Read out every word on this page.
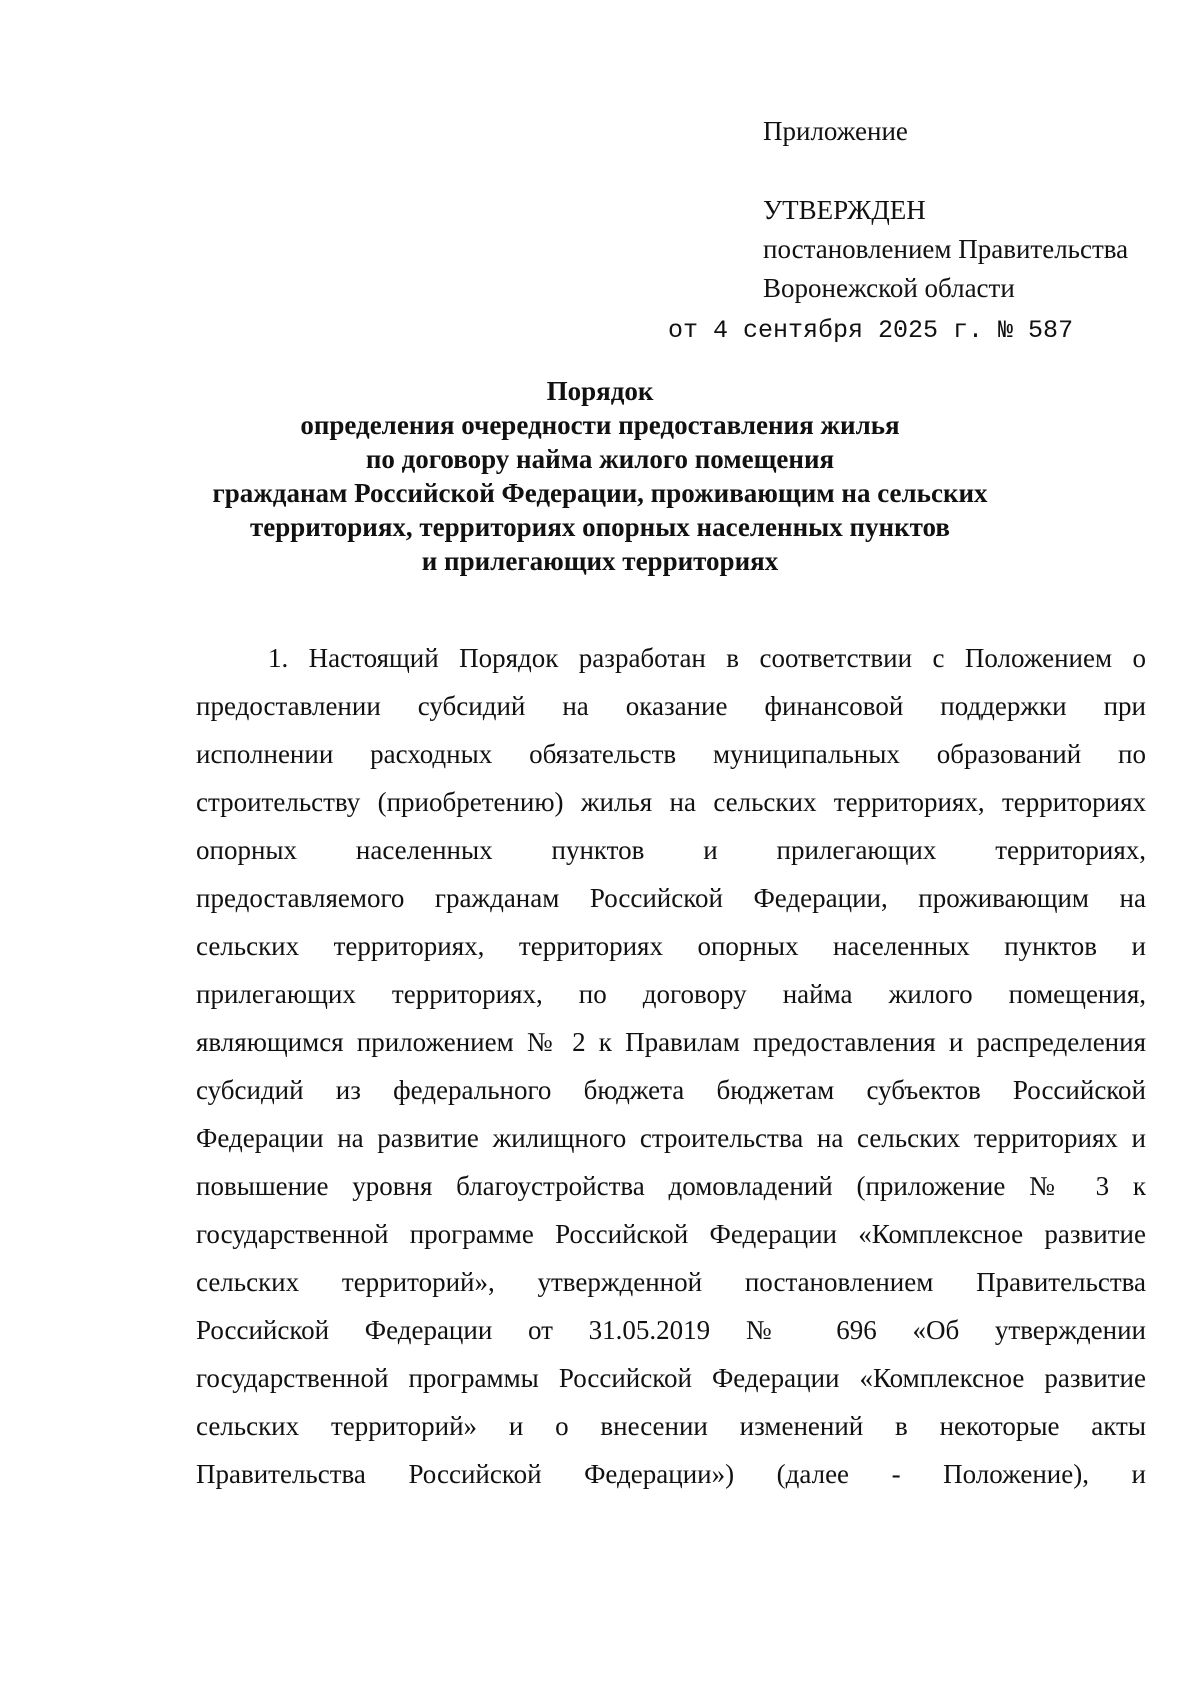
Приложение
УТВЕРЖДЕН
постановлением Правительства
Воронежской области
от 4 сентября 2025 г. № 587
Порядок
определения очередности предоставления жилья
по договору найма жилого помещения
гражданам Российской Федерации, проживающим на сельских
территориях, территориях опорных населенных пунктов
и прилегающих территориях
1. Настоящий Порядок разработан в соответствии с Положением о
предоставлении субсидий на оказание финансовой поддержки при
исполнении расходных обязательств муниципальных образований по
строительству (приобретению) жилья на сельских территориях, территориях
опорных населенных пунктов и прилегающих территориях,
предоставляемого гражданам Российской Федерации, проживающим на
сельских территориях, территориях опорных населенных пунктов и
прилегающих территориях, по договору найма жилого помещения,
являющимся приложением № 2 к Правилам предоставления и распределения
субсидий из федерального бюджета бюджетам субъектов Российской
Федерации на развитие жилищного строительства на сельских территориях и
повышение уровня благоустройства домовладений (приложение № 3 к
государственной программе Российской Федерации «Комплексное развитие
сельских территорий», утвержденной постановлением Правительства
Российской Федерации от 31.05.2019 № 696 «Об утверждении
государственной программы Российской Федерации «Комплексное развитие
сельских территорий» и о внесении изменений в некоторые акты
Правительства Российской Федерации») (далее - Положение), и
